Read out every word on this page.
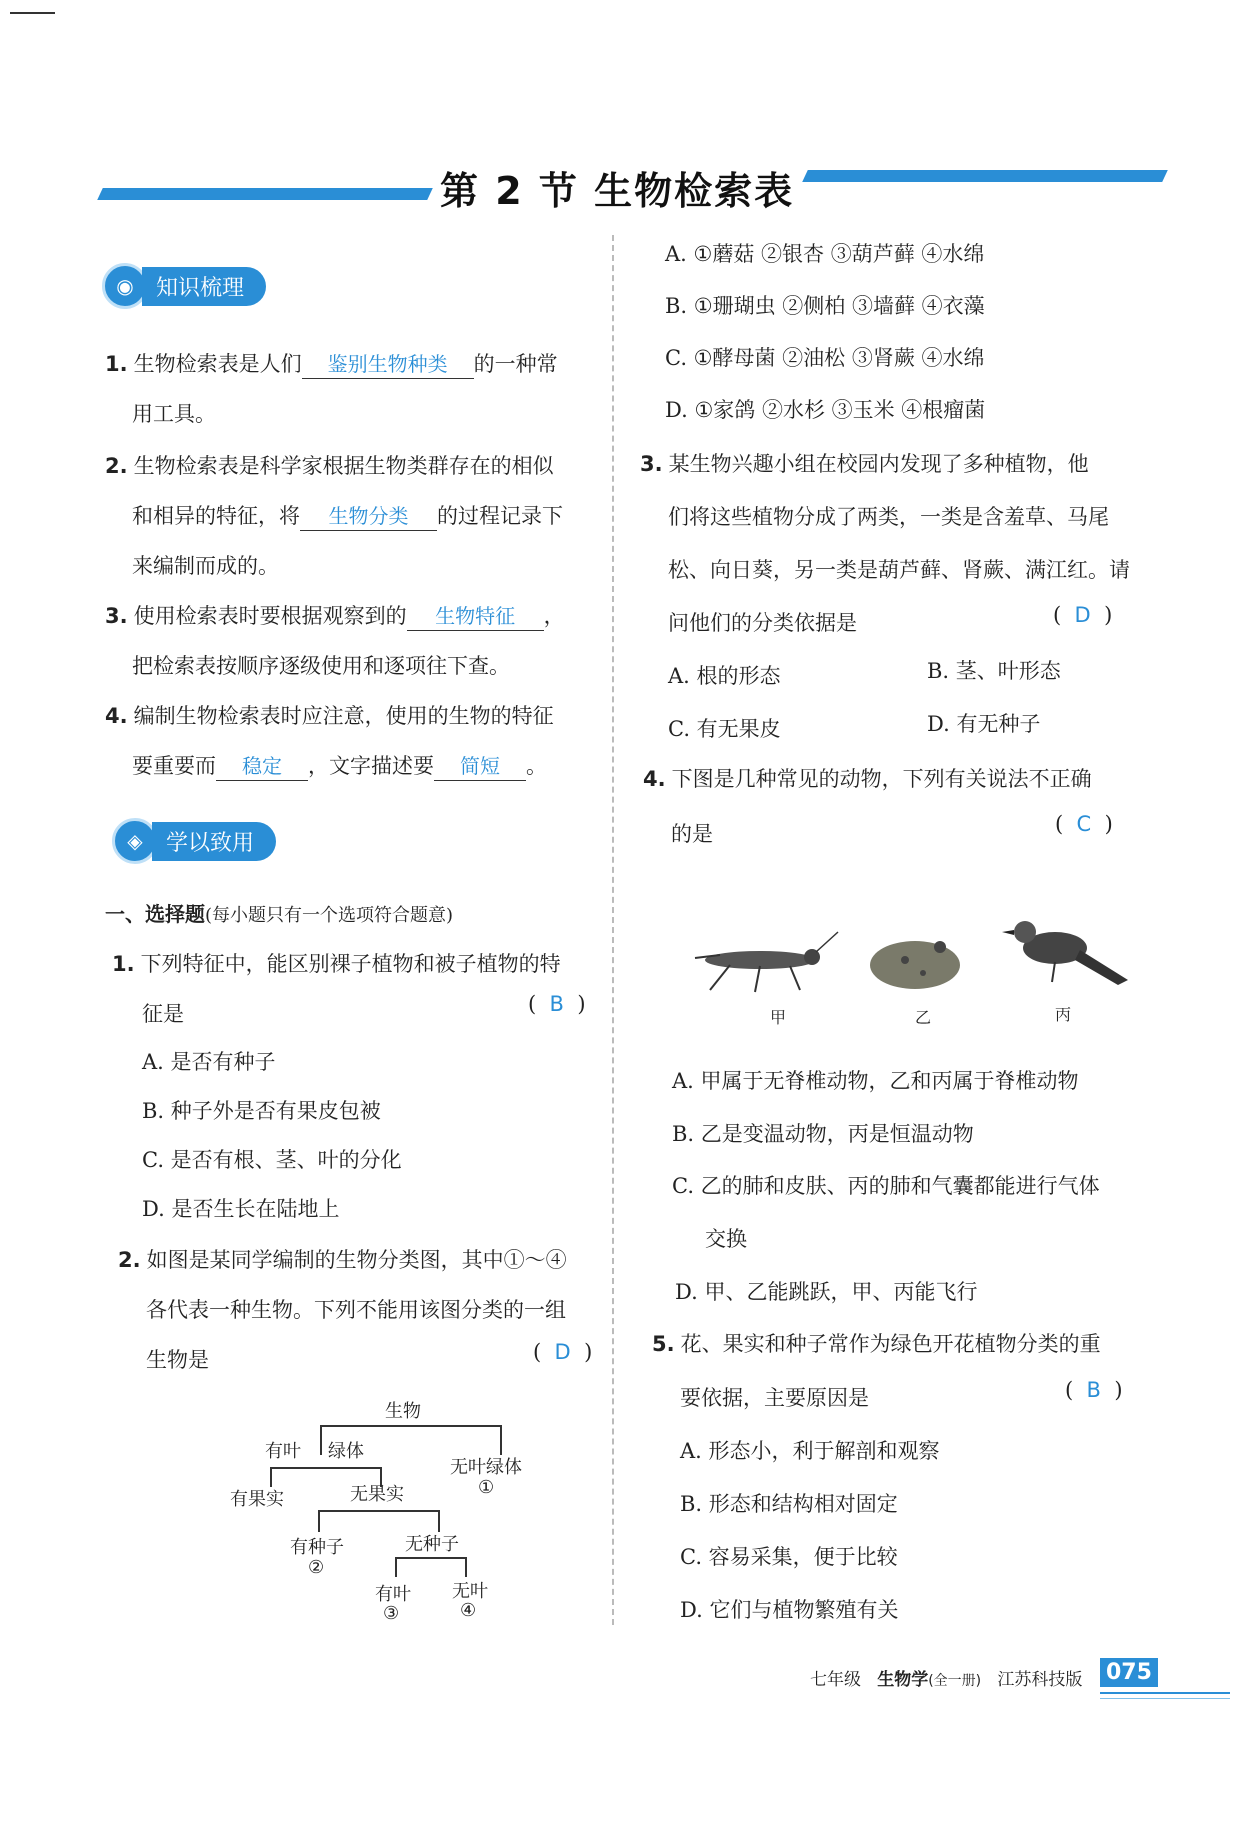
第 2 节 生物检索表
◉	知识梳理
1. 生物检索表是人们 鉴别生物种类 的一种常
用工具。
2. 生物检索表是科学家根据生物类群存在的相似
和相异的特征，将 生物分类 的过程记录下
来编制而成的。
3. 使用检索表时要根据观察到的 生物特征 ，
把检索表按顺序逐级使用和逐项往下查。
4. 编制生物检索表时应注意，使用的生物的特征
要重要而 稳定 ，文字描述要 简短 。
◈	学以致用
一、选择题(每小题只有一个选项符合题意)
1. 下列特征中，能区别裸子植物和被子植物的特
征是	(  B  )
A. 是否有种子
B. 种子外是否有果皮包被
C. 是否有根、茎、叶的分化
D. 是否生长在陆地上
2. 如图是某同学编制的生物分类图，其中①～④
各代表一种生物。下列不能用该图分类的一组
生物是	(  D  )
生物
有叶 绿体
无叶绿体
①
有果实	无果实
有种子
②
无种子
有叶
③
无叶
④
A. ①蘑菇 ②银杏 ③葫芦藓 ④水绵
B. ①珊瑚虫 ②侧柏 ③墙藓 ④衣藻
C. ①酵母菌 ②油松 ③肾蕨 ④水绵
D. ①家鸽 ②水杉 ③玉米 ④根瘤菌
3. 某生物兴趣小组在校园内发现了多种植物，他
们将这些植物分成了两类，一类是含羞草、马尾
松、向日葵，另一类是葫芦藓、肾蕨、满江红。请
问他们的分类依据是	(  D  )
A. 根的形态	B. 茎、叶形态
C. 有无果皮	D. 有无种子
4. 下图是几种常见的动物，下列有关说法不正确
的是	(  C  )
甲	乙	丙
A. 甲属于无脊椎动物，乙和丙属于脊椎动物
B. 乙是变温动物，丙是恒温动物
C. 乙的肺和皮肤、丙的肺和气囊都能进行气体
交换
D. 甲、乙能跳跃，甲、丙能飞行
5. 花、果实和种子常作为绿色开花植物分类的重
要依据，主要原因是	(  B  )
A. 形态小，利于解剖和观察
B. 形态和结构相对固定
C. 容易采集，便于比较
D. 它们与植物繁殖有关
七年级 生物学(全一册) 江苏科技版 075
